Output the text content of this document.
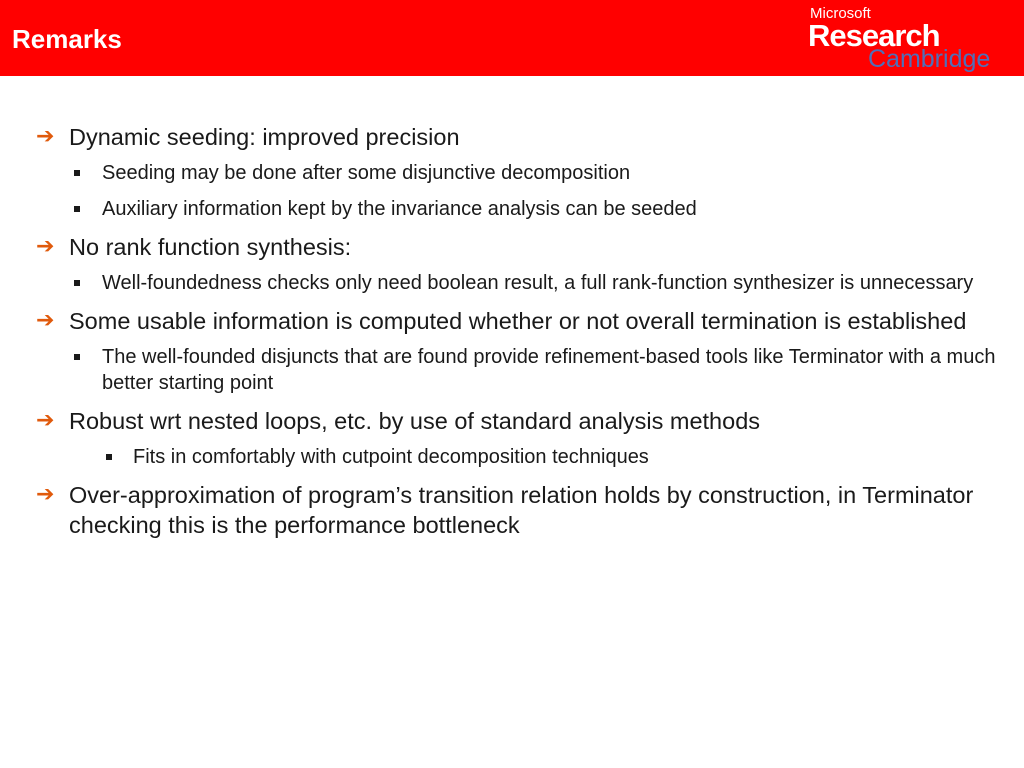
Remarks
Microsoft
Research
Cambridge
➔ Dynamic seeding: improved precision
Seeding may be done after some disjunctive decomposition
Auxiliary information kept by the invariance analysis can be seeded
➔ No rank function synthesis:
Well-foundedness checks only need boolean result, a full rank-function synthesizer is unnecessary
➔ Some usable information is computed whether or not overall termination is established
The well-founded disjuncts that are found provide refinement-based tools like Terminator with a much better starting point
➔ Robust wrt nested loops, etc. by use of standard analysis methods
Fits in comfortably with cutpoint decomposition techniques
➔ Over-approximation of program’s transition relation holds by construction, in Terminator checking this is the performance bottleneck
